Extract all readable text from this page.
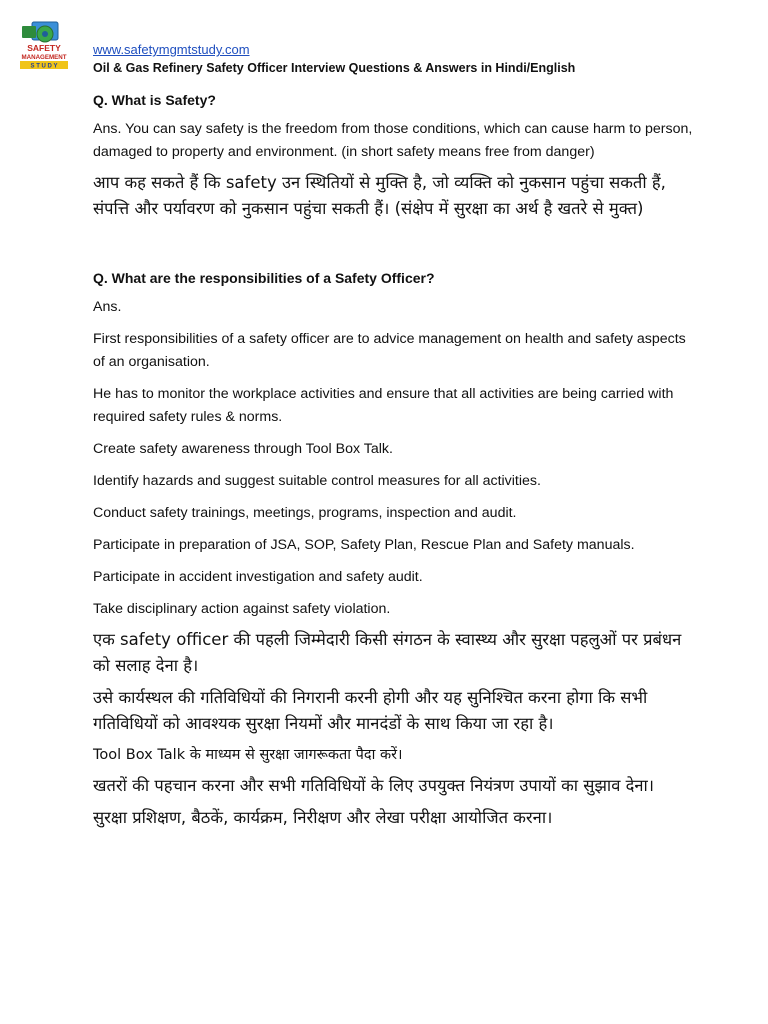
SAFETY
MANAGEMENT
S T U D Y
www.safetymgmtstudy.com
Oil & Gas Refinery Safety Officer Interview Questions & Answers in Hindi/English

Q. What is Safety?

Ans. You can say safety is the freedom from those conditions, which can cause harm to person, damaged to property and environment. (in short safety means free from danger)

आप कह सकते हैं कि safety उन स्थितियों से मुक्ति है, जो व्यक्ति को नुकसान पहुंचा सकती हैं, संपत्ति और पर्यावरण को नुकसान पहुंचा सकती हैं। (संक्षेप में सुरक्षा का अर्थ है खतरे से मुक्त)

Q. What are the responsibilities of a Safety Officer?

Ans.

First responsibilities of a safety officer are to advice management on health and safety aspects of an organisation.

He has to monitor the workplace activities and ensure that all activities are being carried with required safety rules & norms.

Create safety awareness through Tool Box Talk.

Identify hazards and suggest suitable control measures for all activities.

Conduct safety trainings, meetings, programs, inspection and audit.

Participate in preparation of JSA, SOP, Safety Plan, Rescue Plan and Safety manuals.

Participate in accident investigation and safety audit.

Take disciplinary action against safety violation.

एक safety officer की पहली जिम्मेदारी किसी संगठन के स्वास्थ्य और सुरक्षा पहलुओं पर प्रबंधन को सलाह देना है।

उसे कार्यस्थल की गतिविधियों की निगरानी करनी होगी और यह सुनिश्चित करना होगा कि सभी गतिविधियों को आवश्यक सुरक्षा नियमों और मानदंडों के साथ किया जा रहा है।

Tool Box Talk के माध्यम से सुरक्षा जागरूकता पैदा करें।

खतरों की पहचान करना और सभी गतिविधियों के लिए उपयुक्त नियंत्रण उपायों का सुझाव देना।

सुरक्षा प्रशिक्षण, बैठकें, कार्यक्रम, निरीक्षण और लेखा परीक्षा आयोजित करना।
